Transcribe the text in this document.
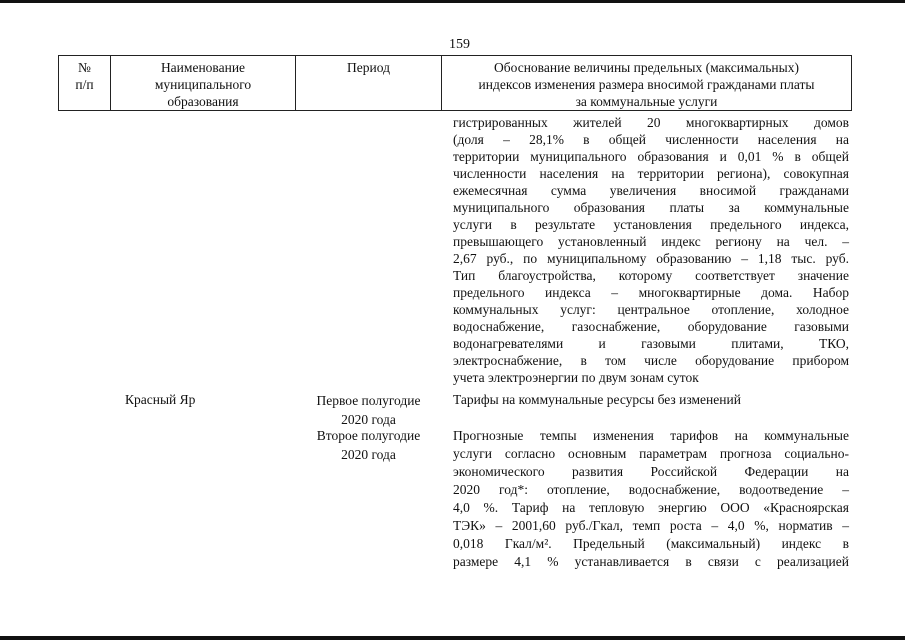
159
№
п/п
Наименование
муниципального
образования
Период	Обоснование величины предельных (максимальных)
индексов изменения размера вносимой гражданами платы
за коммунальные услуги
гистрированных жителей 20 многоквартирных домов
(доля – 28,1% в общей численности населения на
территории муниципального образования и 0,01 % в общей
численности населения на территории региона), совокупная
ежемесячная сумма увеличения вносимой гражданами
муниципального образования платы за коммунальные
услуги в результате установления предельного индекса,
превышающего установленный индекс региону на чел. –
2,67 руб., по муниципальному образованию – 1,18 тыс. руб.
Тип благоустройства, которому соответствует значение
предельного индекса – многоквартирные дома. Набор
коммунальных услуг: центральное отопление, холодное
водоснабжение, газоснабжение, оборудование газовыми
водонагревателями и газовыми плитами, ТКО,
электроснабжение, в том числе оборудование прибором
учета электроэнергии по двум зонам суток
Красный Яр	Первое полугодие
2020 года
Тарифы на коммунальные ресурсы без изменений
Второе полугодие
2020 года
Прогнозные темпы изменения тарифов на коммунальные
услуги согласно основным параметрам прогноза социально-
экономического развития Российской Федерации на
2020 год*: отопление, водоснабжение, водоотведение –
4,0 %. Тариф на тепловую энергию ООО «Красноярская
ТЭК» – 2001,60 руб./Гкал, темп роста – 4,0 %, норматив –
0,018 Гкал/м². Предельный (максимальный) индекс в
размере 4,1 % устанавливается в связи с реализацией
